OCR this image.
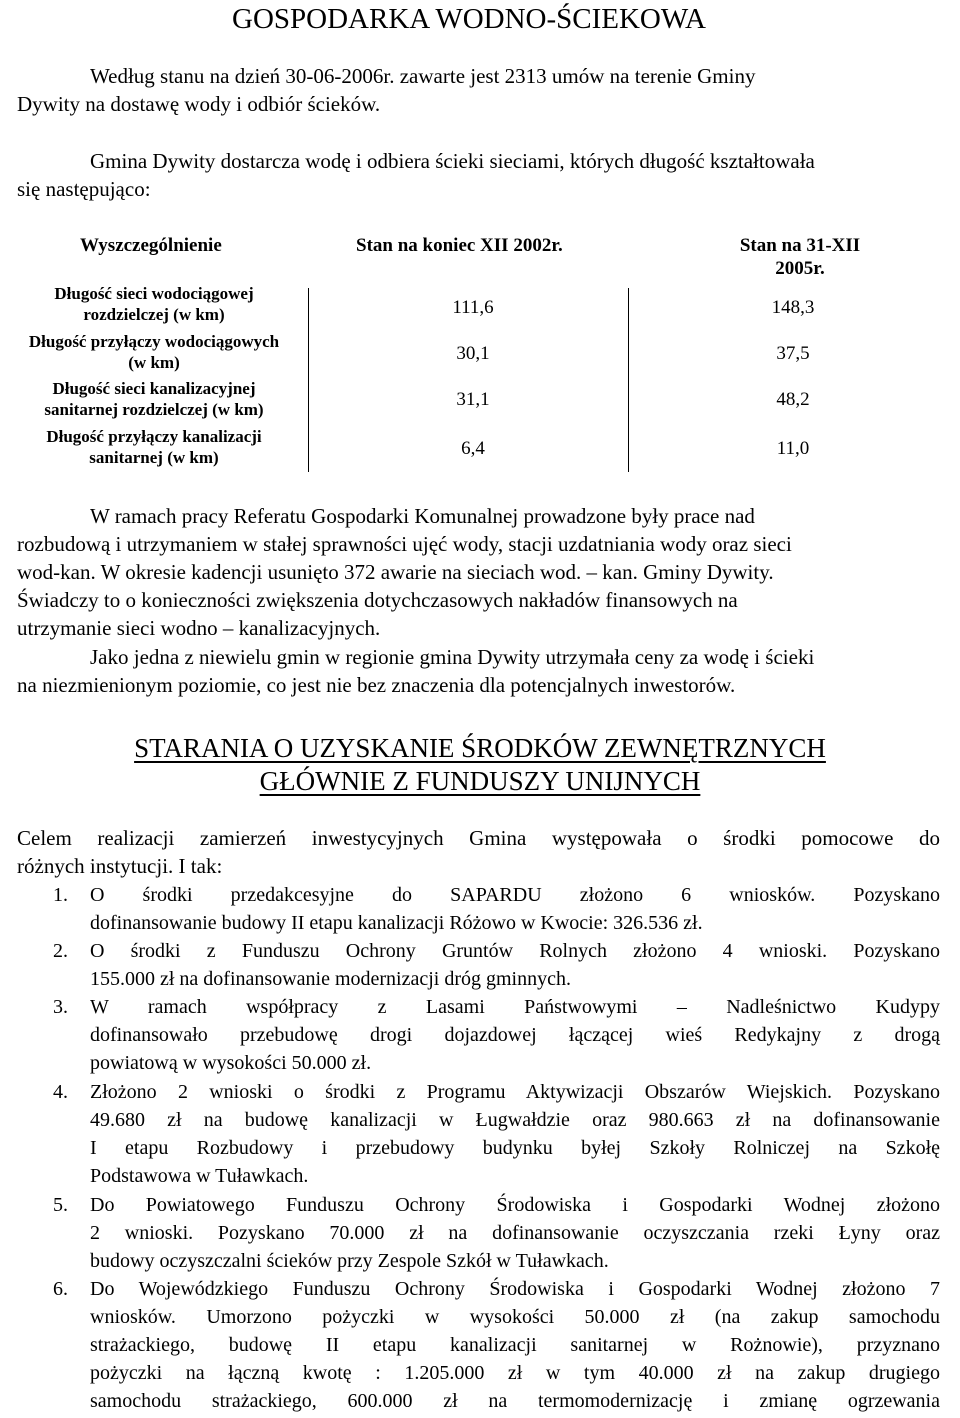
GOSPODARKA WODNO-ŚCIEKOWA
Według stanu na dzień 30-06-2006r. zawarte jest 2313 umów na terenie Gminy
Dywity na dostawę wody i odbiór ścieków.
Gmina Dywity dostarcza wodę i odbiera ścieki sieciami, których długość kształtowała
się następująco:
Wyszczególnienie	Stan na koniec XII 2002r.	Stan na 31-XII
2005r.
Długość sieci wodociągowej
rozdzielczej (w km)	111,6	148,3
Długość przyłączy wodociągowych
(w km)	30,1	37,5
Długość sieci kanalizacyjnej
sanitarnej rozdzielczej (w km)	31,1	48,2
Długość przyłączy kanalizacji
sanitarnej (w km)	6,4	11,0
W ramach pracy Referatu Gospodarki Komunalnej prowadzone były prace nad
rozbudową i utrzymaniem w stałej sprawności ujęć wody, stacji uzdatniania wody oraz sieci
wod-kan. W okresie kadencji usunięto 372 awarie na sieciach wod. – kan. Gminy Dywity.
Świadczy to o konieczności zwiększenia dotychczasowych nakładów finansowych na
utrzymanie sieci wodno – kanalizacyjnych.
Jako jedna z niewielu gmin w regionie gmina Dywity utrzymała ceny za wodę i ścieki
na niezmienionym poziomie, co jest nie bez znaczenia dla potencjalnych inwestorów.
STARANIA O UZYSKANIE ŚRODKÓW ZEWNĘTRZNYCH
GŁÓWNIE Z FUNDUSZY UNIJNYCH
Celem realizacji zamierzeń inwestycyjnych Gmina występowała o środki pomocowe do
różnych instytucji. I tak:
1. O środki przedakcesyjne do SAPARDU złożono 6 wniosków. Pozyskano
dofinansowanie budowy II etapu kanalizacji Różowo w Kwocie: 326.536 zł.
2. O środki z Funduszu Ochrony Gruntów Rolnych złożono 4 wnioski. Pozyskano
155.000 zł na dofinansowanie modernizacji dróg gminnych.
3. W ramach współpracy z Lasami Państwowymi – Nadleśnictwo Kudypy
dofinansowało przebudowę drogi dojazdowej łączącej wieś Redykajny z drogą
powiatową w wysokości 50.000 zł.
4. Złożono 2 wnioski o środki z Programu Aktywizacji Obszarów Wiejskich. Pozyskano
49.680 zł na budowę kanalizacji w Ługwałdzie oraz 980.663 zł na dofinansowanie
I etapu Rozbudowy i przebudowy budynku byłej Szkoły Rolniczej na Szkołę
Podstawowa w Tuławkach.
5. Do Powiatowego Funduszu Ochrony Środowiska i Gospodarki Wodnej złożono
2 wnioski. Pozyskano 70.000 zł na dofinansowanie oczyszczania rzeki Łyny oraz
budowy oczyszczalni ścieków przy Zespole Szkół w Tuławkach.
6. Do Wojewódzkiego Funduszu Ochrony Środowiska i Gospodarki Wodnej złożono 7
wniosków. Umorzono pożyczki w wysokości 50.000 zł (na zakup samochodu
strażackiego, budowę II etapu kanalizacji sanitarnej w Rożnowie), przyznano
pożyczki na łączną kwotę : 1.205.000 zł w tym 40.000 zł na zakup drugiego
samochodu strażackiego, 600.000 zł na termomodernizację i zmianę ogrzewania
